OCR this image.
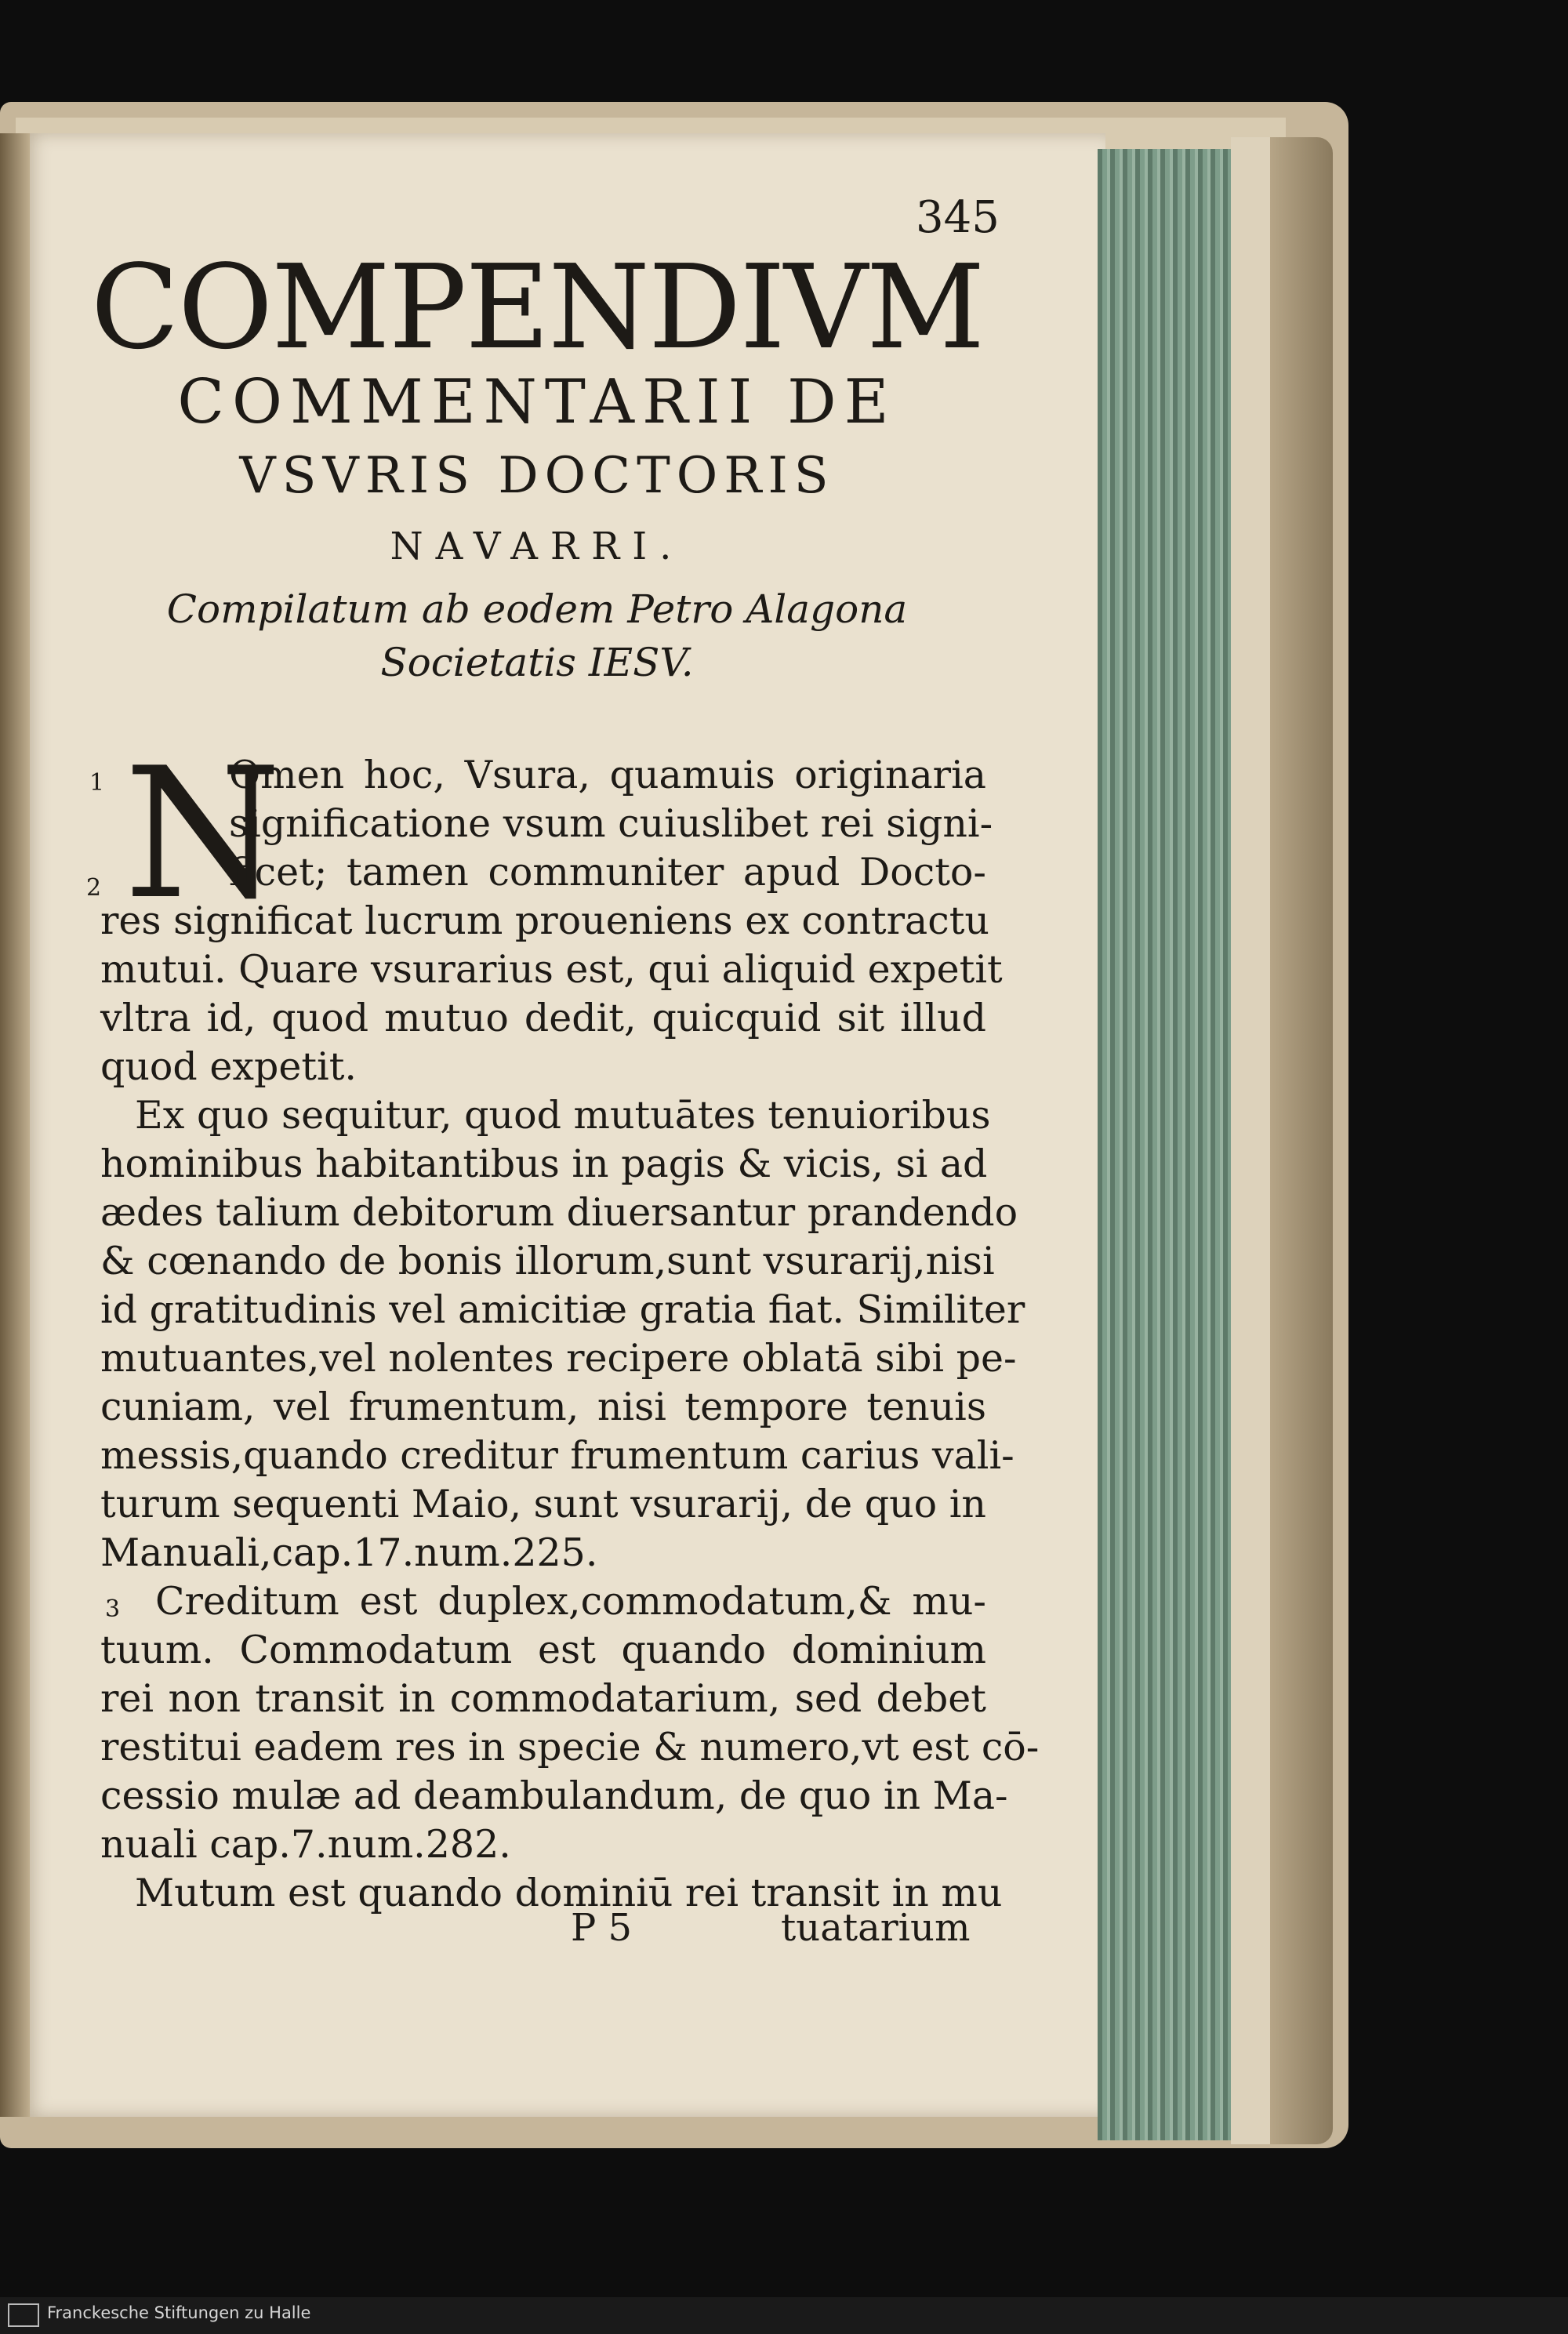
345
COMPENDIVM
COMMENTARII DE
VSVRIS DOCTORIS
NAVARRI.
Compilatum ab eodem Petro Alagona
Societatis IESV.
1
2
3
N
Omen hoc, Vsura, quamuis originaria
significatione vsum cuiuslibet rei signi-
ficet; tamen communiter apud Docto-
res significat lucrum proueniens ex contractu
mutui. Quare vsurarius est, qui aliquid expetit
vltra id, quod mutuo dedit, quicquid sit illud
quod expetit.
Ex quo sequitur, quod mutuātes tenuioribus
hominibus habitantibus in pagis & vicis, si ad
ædes talium debitorum diuersantur prandendo
& cœnando de bonis illorum,sunt vsurarij,nisi
id gratitudinis vel amicitiæ gratia fiat. Similiter
mutuantes,vel nolentes recipere oblatā sibi pe-
cuniam, vel frumentum, nisi tempore tenuis
messis,quando creditur frumentum carius vali-
turum sequenti Maio, sunt vsurarij, de quo in
Manuali,cap.17.num.225.
Creditum est duplex,commodatum,& mu-
tuum. Commodatum est quando dominium
rei non transit in commodatarium, sed debet
restitui eadem res in specie & numero,vt est cō-
cessio mulæ ad deambulandum, de quo in Ma-
nuali cap.7.num.282.
Mutum est quando dominiū rei transit in mu
P 5	tuatarium
Franckesche Stiftungen zu Halle
